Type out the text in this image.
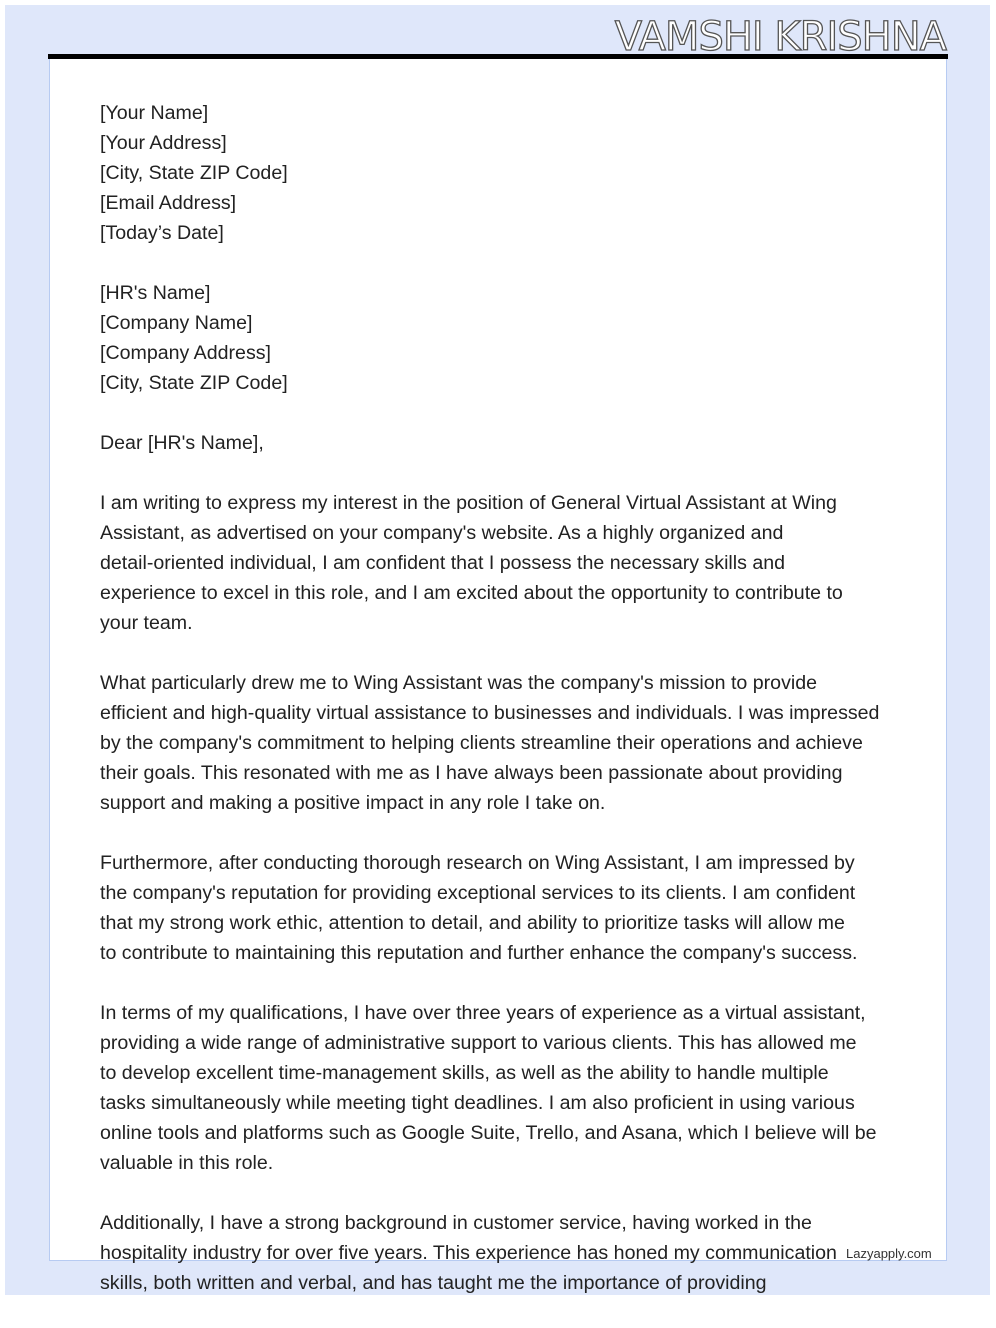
VAMSHI KRISHNA
[Your Name]
[Your Address]
[City, State ZIP Code]
[Email Address]
[Today’s Date]
[HR's Name]
[Company Name]
[Company Address]
[City, State ZIP Code]
Dear [HR's Name],
I am writing to express my interest in the position of General Virtual Assistant at Wing
Assistant, as advertised on your company's website. As a highly organized and
detail-oriented individual, I am confident that I possess the necessary skills and
experience to excel in this role, and I am excited about the opportunity to contribute to
your team.
What particularly drew me to Wing Assistant was the company's mission to provide
efficient and high-quality virtual assistance to businesses and individuals. I was impressed
by the company's commitment to helping clients streamline their operations and achieve
their goals. This resonated with me as I have always been passionate about providing
support and making a positive impact in any role I take on.
Furthermore, after conducting thorough research on Wing Assistant, I am impressed by
the company's reputation for providing exceptional services to its clients. I am confident
that my strong work ethic, attention to detail, and ability to prioritize tasks will allow me
to contribute to maintaining this reputation and further enhance the company's success.
In terms of my qualifications, I have over three years of experience as a virtual assistant,
providing a wide range of administrative support to various clients. This has allowed me
to develop excellent time-management skills, as well as the ability to handle multiple
tasks simultaneously while meeting tight deadlines. I am also proficient in using various
online tools and platforms such as Google Suite, Trello, and Asana, which I believe will be
valuable in this role.
Additionally, I have a strong background in customer service, having worked in the
hospitality industry for over five years. This experience has honed my communication
skills, both written and verbal, and has taught me the importance of providing
Lazyapply.com
